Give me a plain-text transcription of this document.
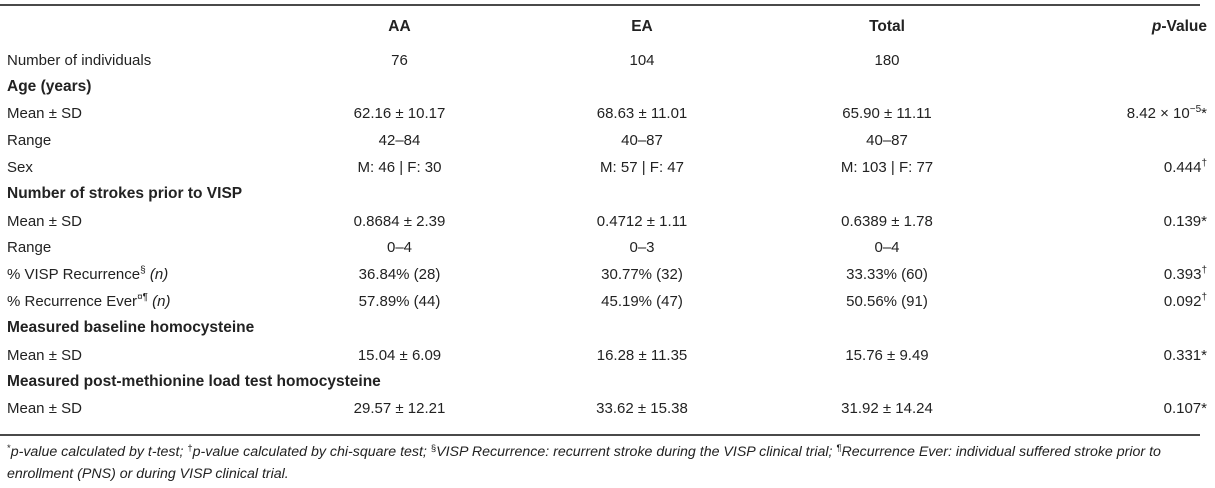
	AA	EA	Total	p-Value
Number of individuals	76	104	180	
Age (years)				
Mean ± SD	62.16 ± 10.17	68.63 ± 11.01	65.90 ± 11.11	$8.42 \times 10^{-5}*$
Range	42–84	40–87	40–87	
Sex	M: 46 | F: 30	M: 57 | F: 47	M: 103 | F: 77	0.444†
Number of strokes prior to VISP				
Mean ± SD	0.8684 ± 2.39	0.4712 ± 1.11	0.6389 ± 1.78	0.139*
Range	0–4	0–3	0–4	
% VISP Recurrence§ (n)	36.84% (28)	30.77% (32)	33.33% (60)	0.393†
% Recurrence Ever¤¶ (n)	57.89% (44)	45.19% (47)	50.56% (91)	0.092†
Measured baseline homocysteine				
Mean ± SD	15.04 ± 6.09	16.28 ± 11.35	15.76 ± 9.49	0.331*
Measured post-methionine load test homocysteine				
Mean ± SD	29.57 ± 12.21	33.62 ± 15.38	31.92 ± 14.24	0.107*
*p-value calculated by t-test; †p-value calculated by chi-square test; §VISP Recurrence: recurrent stroke during the VISP clinical trial; ¶Recurrence Ever: individual suffered stroke prior to enrollment (PNS) or during VISP clinical trial.
